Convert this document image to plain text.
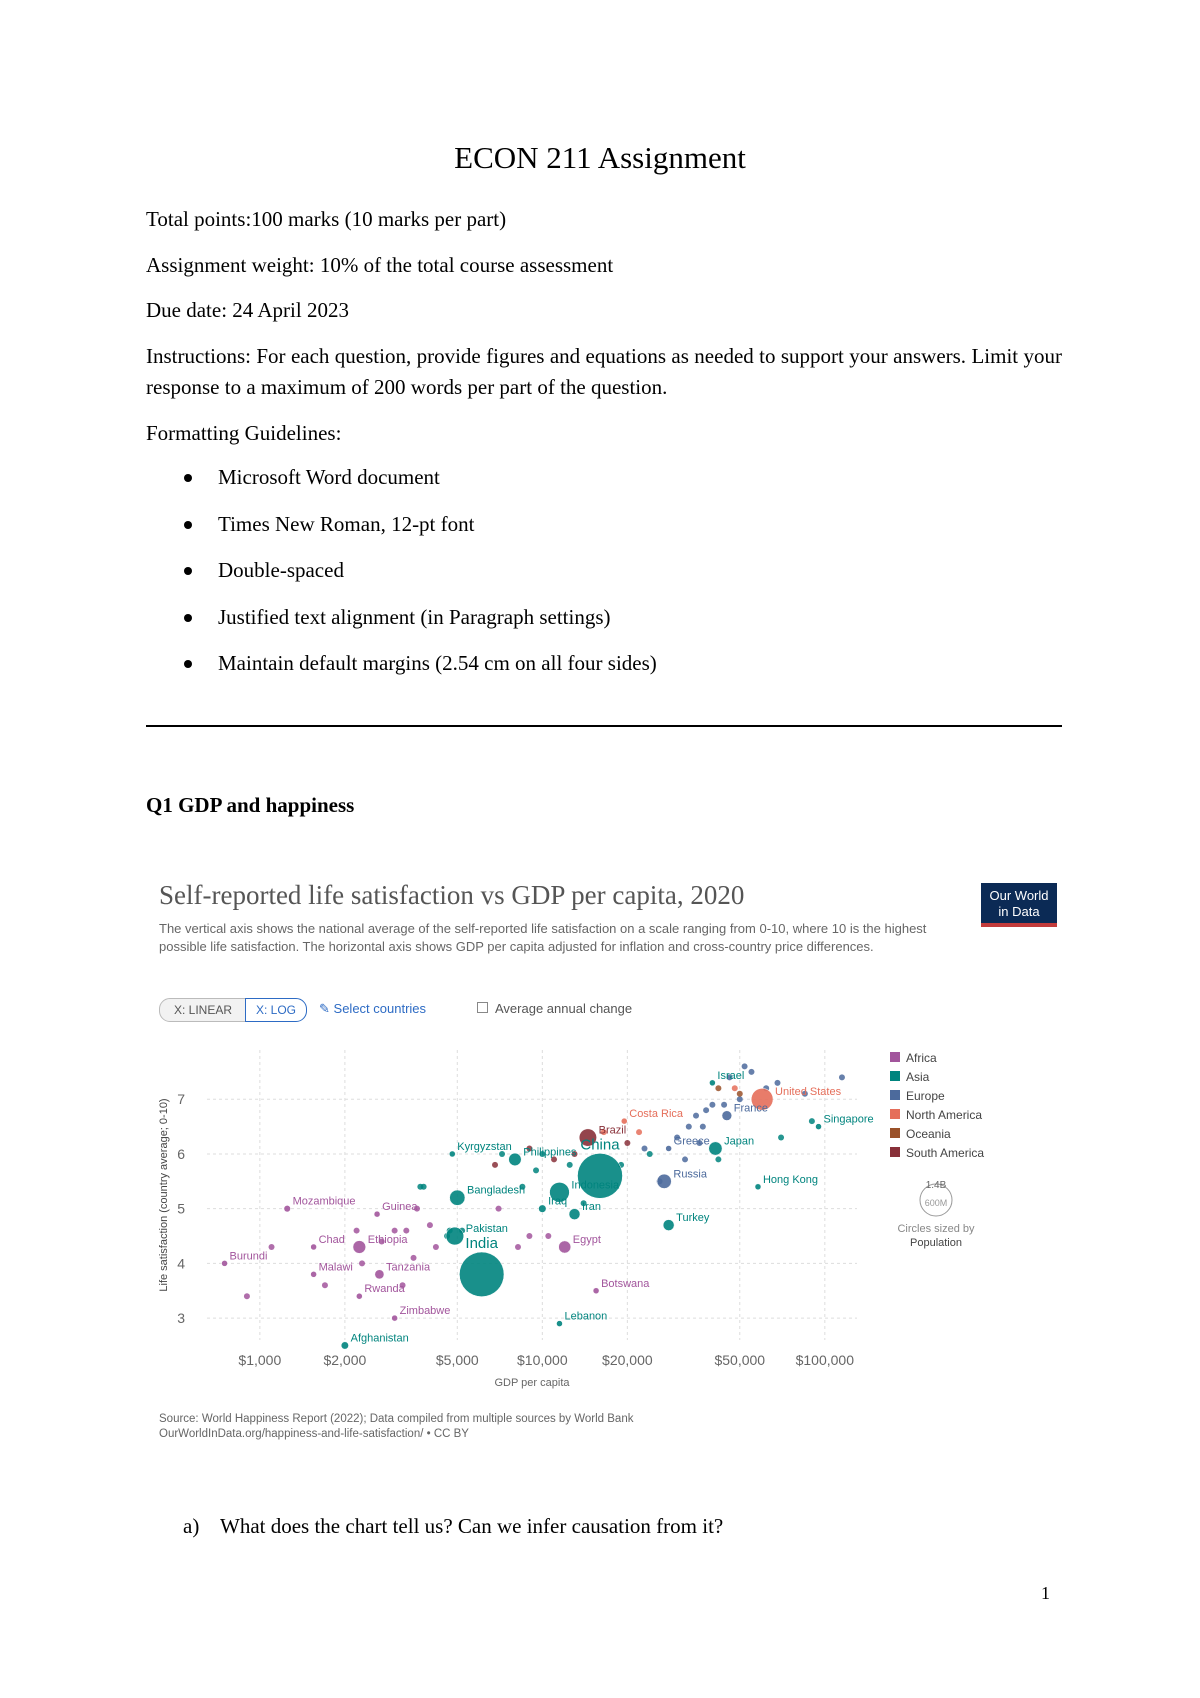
ECON 211 Assignment
Total points:100 marks (10 marks per part)
Assignment weight: 10% of the total course assessment
Due date: 24 April 2023
Instructions: For each question, provide figures and equations as needed to support your answers. Limit your response to a maximum of 200 words per part of the question.
Formatting Guidelines:
Microsoft Word document
Times New Roman, 12-pt font
Double-spaced
Justified text alignment (in Paragraph settings)
Maintain default margins (2.54 cm on all four sides)
Q1 GDP and happiness
Self-reported life satisfaction vs GDP per capita, 2020
The vertical axis shows the national average of the self-reported life satisfaction on a scale ranging from 0-10, where 10 is the highest possible life satisfaction. The horizontal axis shows GDP per capita adjusted for inflation and cross-country price differences.
Our World
in Data
X: LINEAR	X: LOG	✎ Select countries	Average annual change
$1,000	$2,000	$5,000	$10,000 $20,000	$50,000 $100,000
3
4
5
6
7
GDP per capita
Life satisfaction (country average; 0-10)	Burundi
Mozambique
Chad
Malawi
Guinea
Ethiopia
Tanzania
Rwanda
Zimbabwe
Afghanistan
Kyrgyzstan Philippines
Bangladesh
Pakistan
India
Iraq
Indonesia
Iran
China
Egypt
Botswana
Lebanon
Brazil
Costa Rica
Greece
Russia
Turkey
Japan
France
Israel
United States
Singapore
Hong Kong
Africa
Asia
Europe
North America
Oceania
South America
1.4B
600M
Circles sized by
Population
Source: World Happiness Report (2022); Data compiled from multiple sources by World Bank
OurWorldInData.org/happiness-and-life-satisfaction/ • CC BY
a) What does the chart tell us? Can we infer causation from it?
1
